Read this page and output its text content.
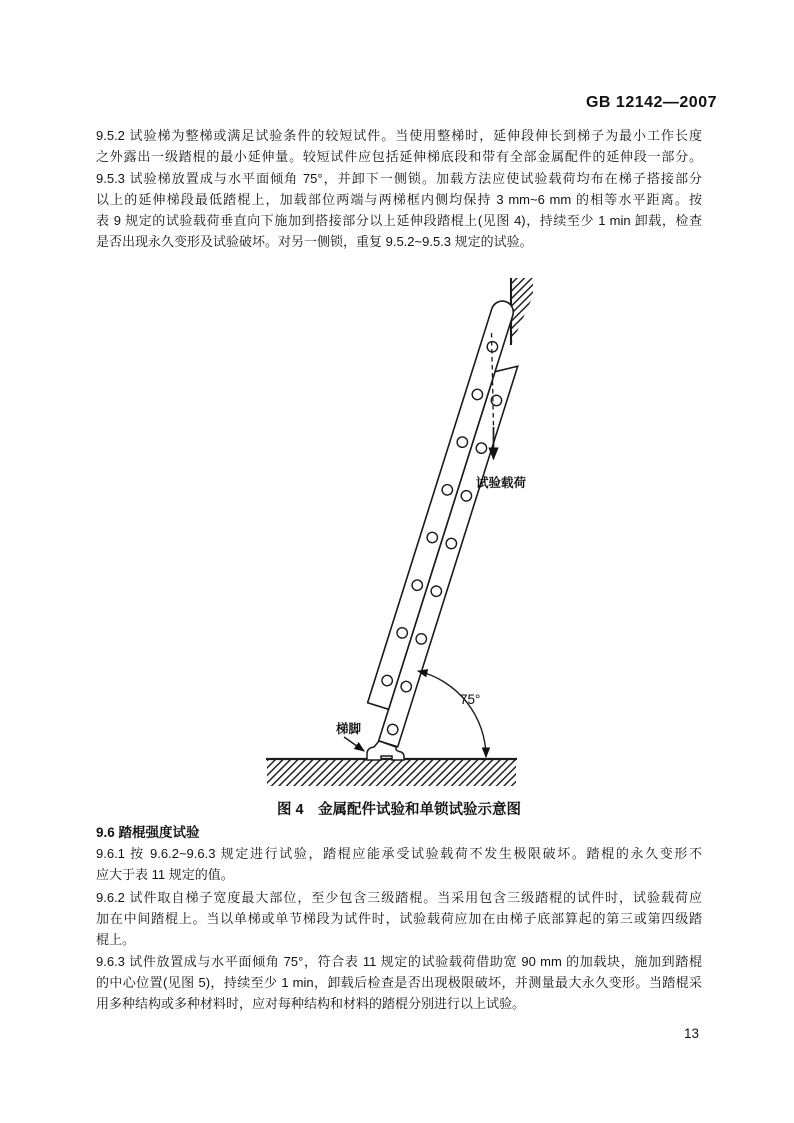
GB 12142—2007
9.5.2 试验梯为整梯或满足试验条件的较短试件。当使用整梯时，延伸段伸长到梯子为最小工作长度
之外露出一级踏棍的最小延伸量。较短试件应包括延伸梯底段和带有全部金属配件的延伸段一部分。
9.5.3 试验梯放置成与水平面倾角 75°，并卸下一侧锁。加载方法应使试验载荷均布在梯子搭接部分
以上的延伸梯段最低踏棍上，加载部位两端与两梯框内侧均保持 3 mm~6 mm 的相等水平距离。按
表 9 规定的试验载荷垂直向下施加到搭接部分以上延伸段踏棍上(见图 4)，持续至少 1 min 卸载，检查
是否出现永久变形及试验破坏。对另一侧锁，重复 9.5.2~9.5.3 规定的试验。
试验载荷
75°
梯脚
图 4　金属配件试验和单锁试验示意图
9.6 踏棍强度试验
9.6.1 按 9.6.2~9.6.3 规定进行试验，踏棍应能承受试验载荷不发生极限破坏。踏棍的永久变形不
应大于表 11 规定的值。
9.6.2 试件取自梯子宽度最大部位，至少包含三级踏棍。当采用包含三级踏棍的试件时，试验载荷应
加在中间踏棍上。当以单梯或单节梯段为试件时，试验载荷应加在由梯子底部算起的第三或第四级踏
棍上。
9.6.3 试件放置成与水平面倾角 75°，符合表 11 规定的试验载荷借助宽 90 mm 的加载块，施加到踏棍
的中心位置(见图 5)，持续至少 1 min，卸载后检查是否出现极限破坏，并测量最大永久变形。当踏棍采
用多种结构或多种材料时，应对每种结构和材料的踏棍分别进行以上试验。
13
